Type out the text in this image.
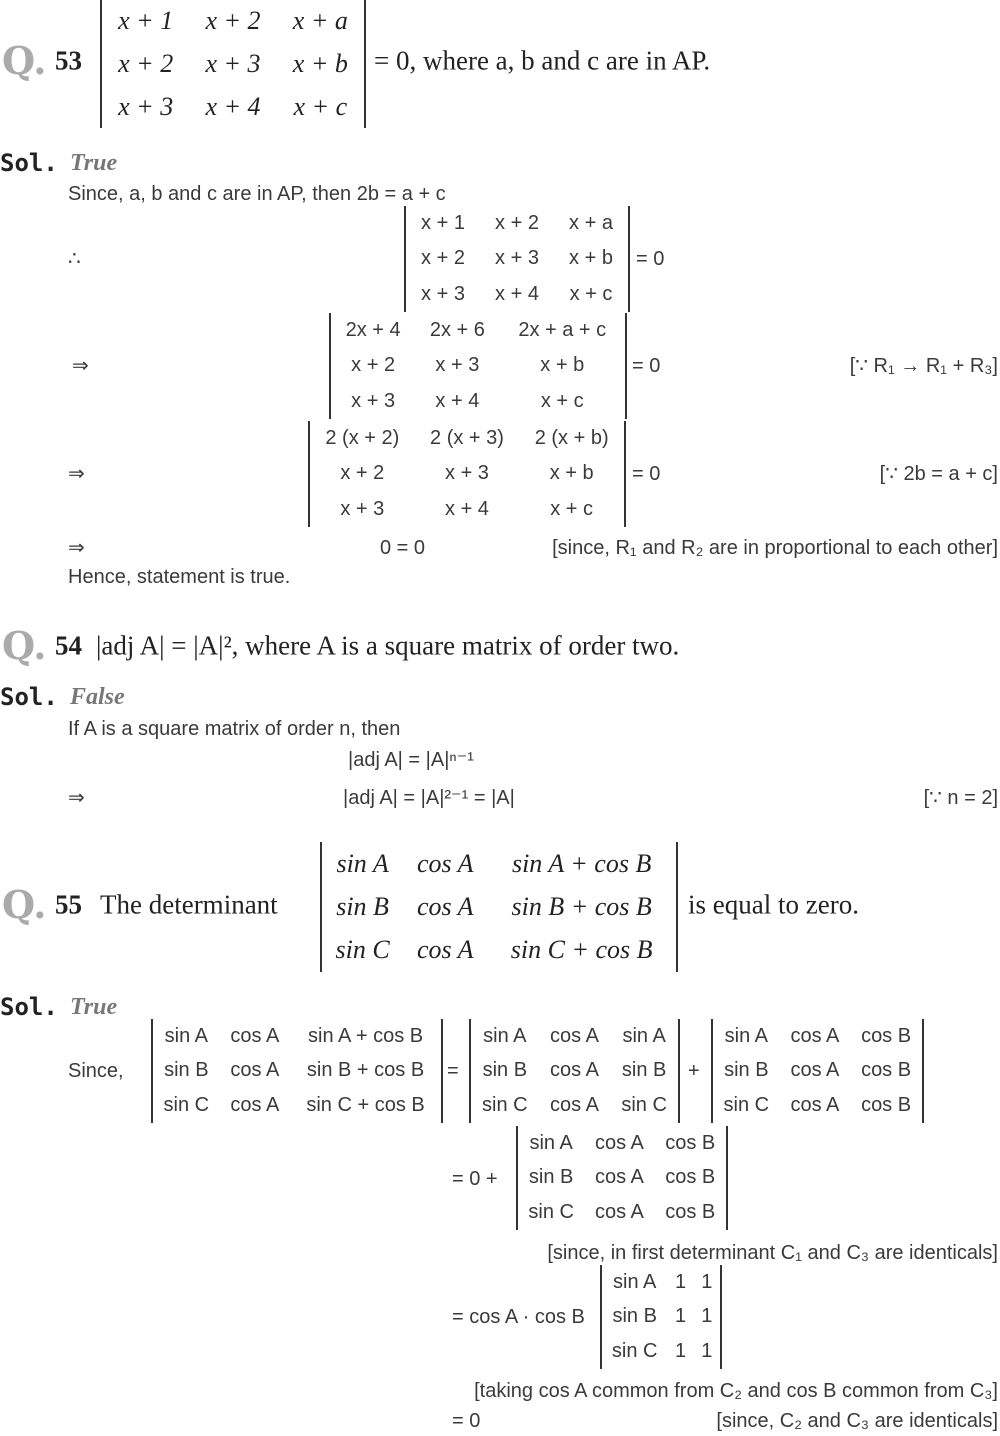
Q. 53
x + 1	x + 2	x + a
x + 2	x + 3	x + b
x + 3	x + 4	x + c
= 0, where a, b and c are in AP.
Sol. True
Since, a, b and c are in AP, then 2b = a + c
∴
x + 1	x + 2	x + a
x + 2	x + 3	x + b
x + 3	x + 4	x + c
= 0
⇒
2x + 4	2x + 6	2x + a + c
x + 2	x + 3	x + b
x + 3	x + 4	x + c
= 0	[∵ R₁ → R₁ + R₃]
⇒
2 (x + 2)	2 (x + 3)	2 (x + b)
x + 2	x + 3	x + b
x + 3	x + 4	x + c
= 0	[∵ 2b = a + c]
⇒	0 = 0	[since, R₁ and R₂ are in proportional to each other]
Hence, statement is true.
Q. 54 |adj A| = |A|², where A is a square matrix of order two.
Sol. False
If A is a square matrix of order n, then
|adj A| = |A|ⁿ⁻¹
⇒	|adj A| = |A|²⁻¹ = |A|	[∵ n = 2]
Q. 55 The determinant
sin A	cos A	sin A + cos B
sin B	cos A	sin B + cos B
sin C	cos A	sin C + cos B
is equal to zero.
Sol. True
Since,
sin A	cos A	sin A + cos B
sin B	cos A	sin B + cos B
sin C	cos A	sin C + cos B
=
sin A	cos A	sin A
sin B	cos A	sin B
sin C	cos A	sin C
+
sin A	cos A	cos B
sin B	cos A	cos B
sin C	cos A	cos B
= 0 +
sin A	cos A	cos B
sin B	cos A	cos B
sin C	cos A	cos B
[since, in first determinant C₁ and C₃ are identicals]
= cos A · cos B
sin A	1	1
sin B	1	1
sin C	1	1
[taking cos A common from C₂ and cos B common from C₃]
= 0	[since, C₂ and C₃ are identicals]
